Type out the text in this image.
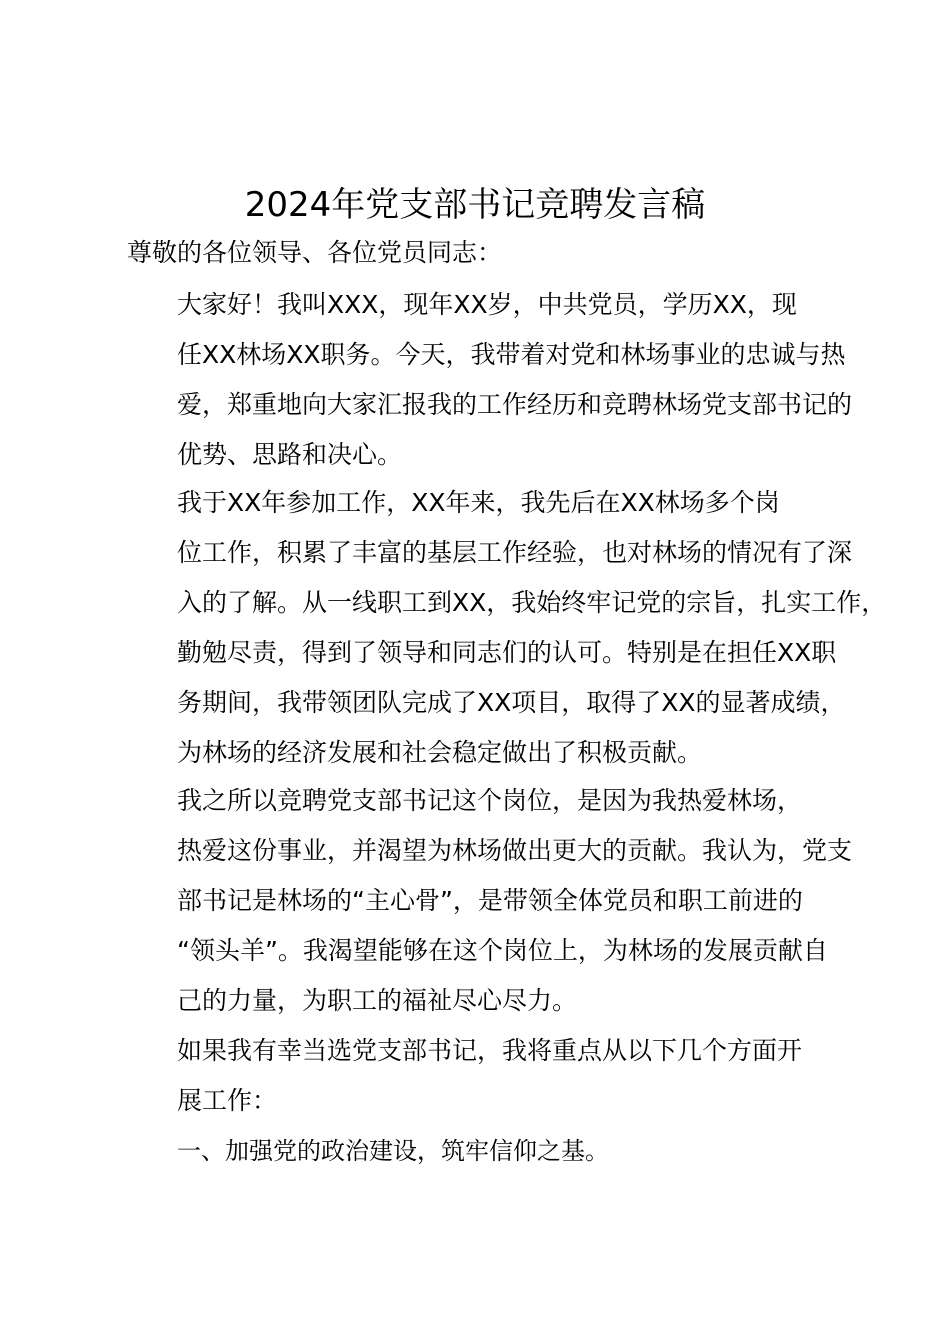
2024年党支部书记竞聘发言稿

尊敬的各位领导、各位党员同志：

大家好！我叫XXX，现年XX岁，中共党员，学历XX，现
任XX林场XX职务。今天，我带着对党和林场事业的忠诚与热
爱，郑重地向大家汇报我的工作经历和竞聘林场党支部书记的
优势、思路和决心。

我于XX年参加工作，XX年来，我先后在XX林场多个岗
位工作，积累了丰富的基层工作经验，也对林场的情况有了深
入的了解。从一线职工到XX，我始终牢记党的宗旨，扎实工作，
勤勉尽责，得到了领导和同志们的认可。特别是在担任XX职
务期间，我带领团队完成了XX项目，取得了XX的显著成绩，
为林场的经济发展和社会稳定做出了积极贡献。

我之所以竞聘党支部书记这个岗位，是因为我热爱林场，
热爱这份事业，并渴望为林场做出更大的贡献。我认为，党支
部书记是林场的“主心骨”，是带领全体党员和职工前进的
“领头羊”。我渴望能够在这个岗位上，为林场的发展贡献自
己的力量，为职工的福祉尽心尽力。

如果我有幸当选党支部书记，我将重点从以下几个方面开
展工作：

一、加强党的政治建设，筑牢信仰之基。
